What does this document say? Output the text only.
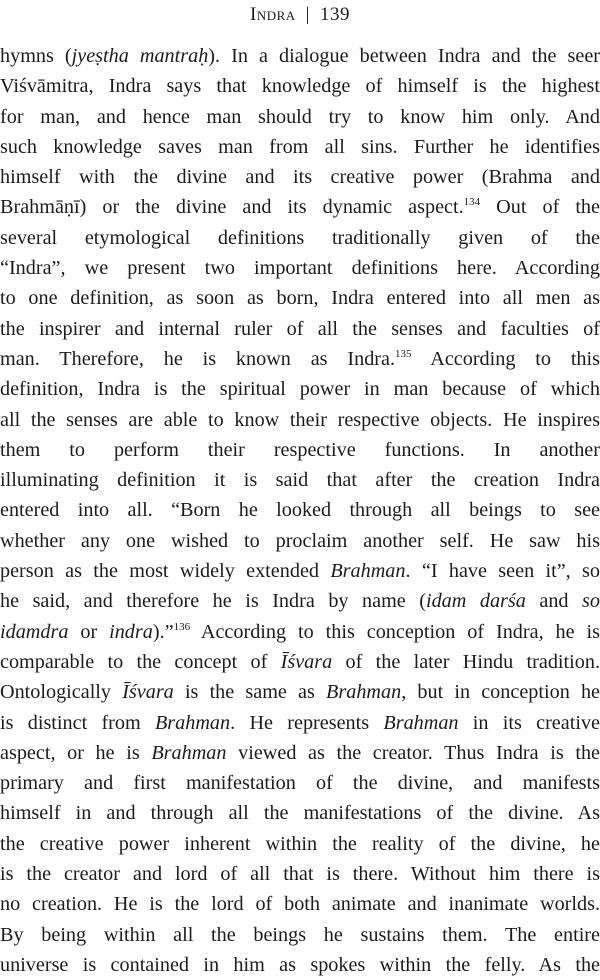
Indra | 139
hymns (jyeṣtha mantraḥ). In a dialogue between Indra and the seer
Viśvāmitra, Indra says that knowledge of himself is the highest
for man, and hence man should try to know him only. And
such knowledge saves man from all sins. Further he identifies
himself with the divine and its creative power (Brahma and
Brahmāṇī) or the divine and its dynamic aspect.$^{134}$ Out of the
several etymological definitions traditionally given of the
“Indra”, we present two important definitions here. According
to one definition, as soon as born, Indra entered into all men as
the inspirer and internal ruler of all the senses and faculties of
man. Therefore, he is known as Indra.$^{135}$ According to this
definition, Indra is the spiritual power in man because of which
all the senses are able to know their respective objects. He inspires
them to perform their respective functions. In another
illuminating definition it is said that after the creation Indra
entered into all. “Born he looked through all beings to see
whether any one wished to proclaim another self. He saw his
person as the most widely extended Brahman. “I have seen it”, so
he said, and therefore he is Indra by name (idam darśa and so
idamdra or indra).”$^{136}$ According to this conception of Indra, he is
comparable to the concept of Īśvara of the later Hindu tradition.
Ontologically Īśvara is the same as Brahman, but in conception he
is distinct from Brahman. He represents Brahman in its creative
aspect, or he is Brahman viewed as the creator. Thus Indra is the
primary and first manifestation of the divine, and manifests
himself in and through all the manifestations of the divine. As
the creative power inherent within the reality of the divine, he
is the creator and lord of all that is there. Without him there is
no creation. He is the lord of both animate and inanimate worlds.
By being within all the beings he sustains them. The entire
universe is contained in him as spokes within the felly. As the
